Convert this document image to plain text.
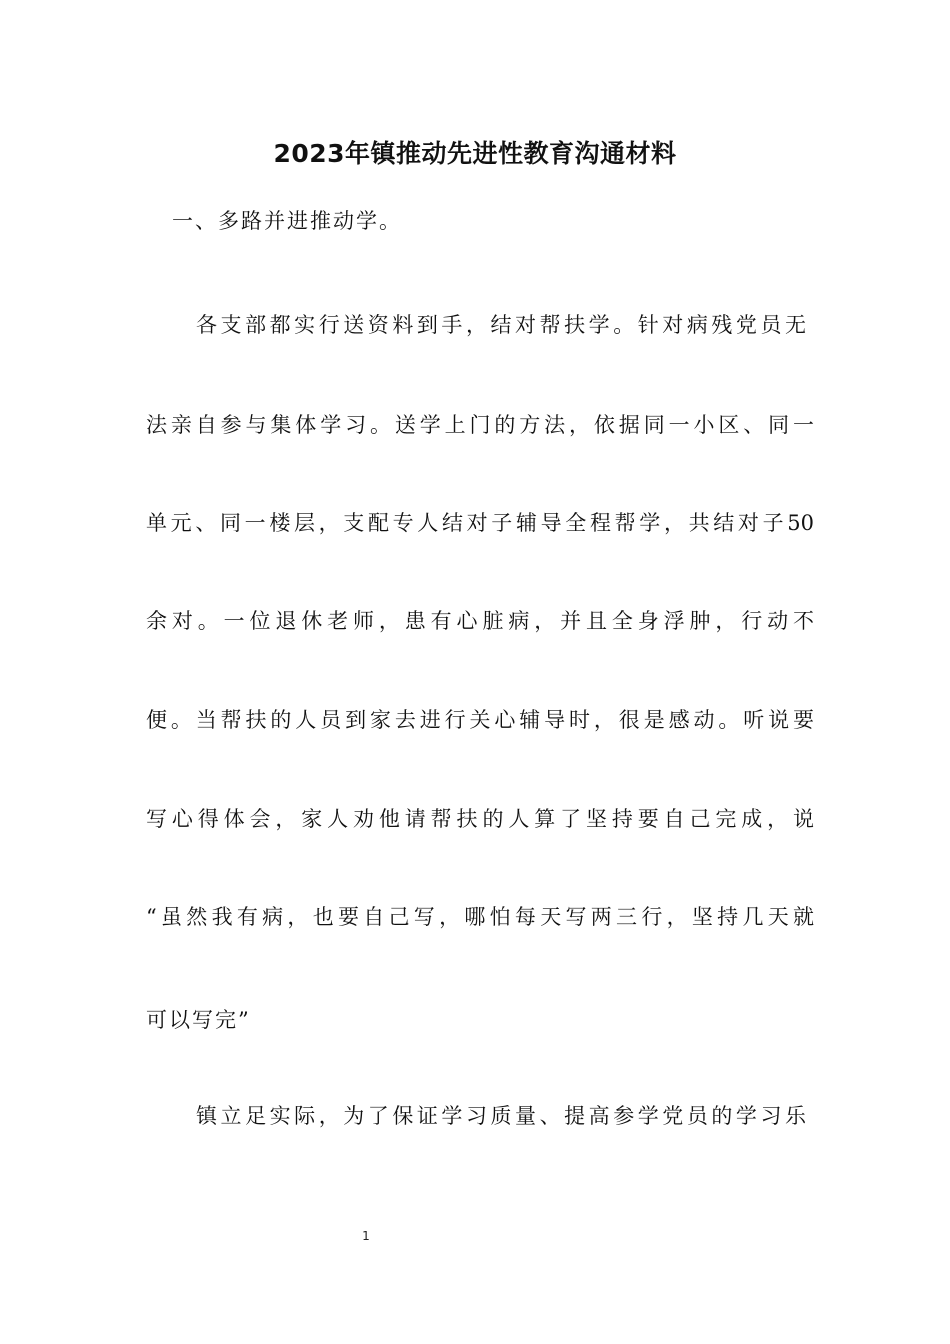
2023年镇推动先进性教育沟通材料
一、多路并进推动学。
各支部都实行送资料到手，结对帮扶学。针对病残党员无
法亲自参与集体学习。送学上门的方法，依据同一小区、同一
单元、同一楼层，支配专人结对子辅导全程帮学，共结对子50
余对。一位退休老师，患有心脏病，并且全身浮肿，行动不
便。当帮扶的人员到家去进行关心辅导时，很是感动。听说要
写心得体会，家人劝他请帮扶的人算了坚持要自己完成，说
“虽然我有病，也要自己写，哪怕每天写两三行，坚持几天就
可以写完”
镇立足实际，为了保证学习质量、提高参学党员的学习乐
1
